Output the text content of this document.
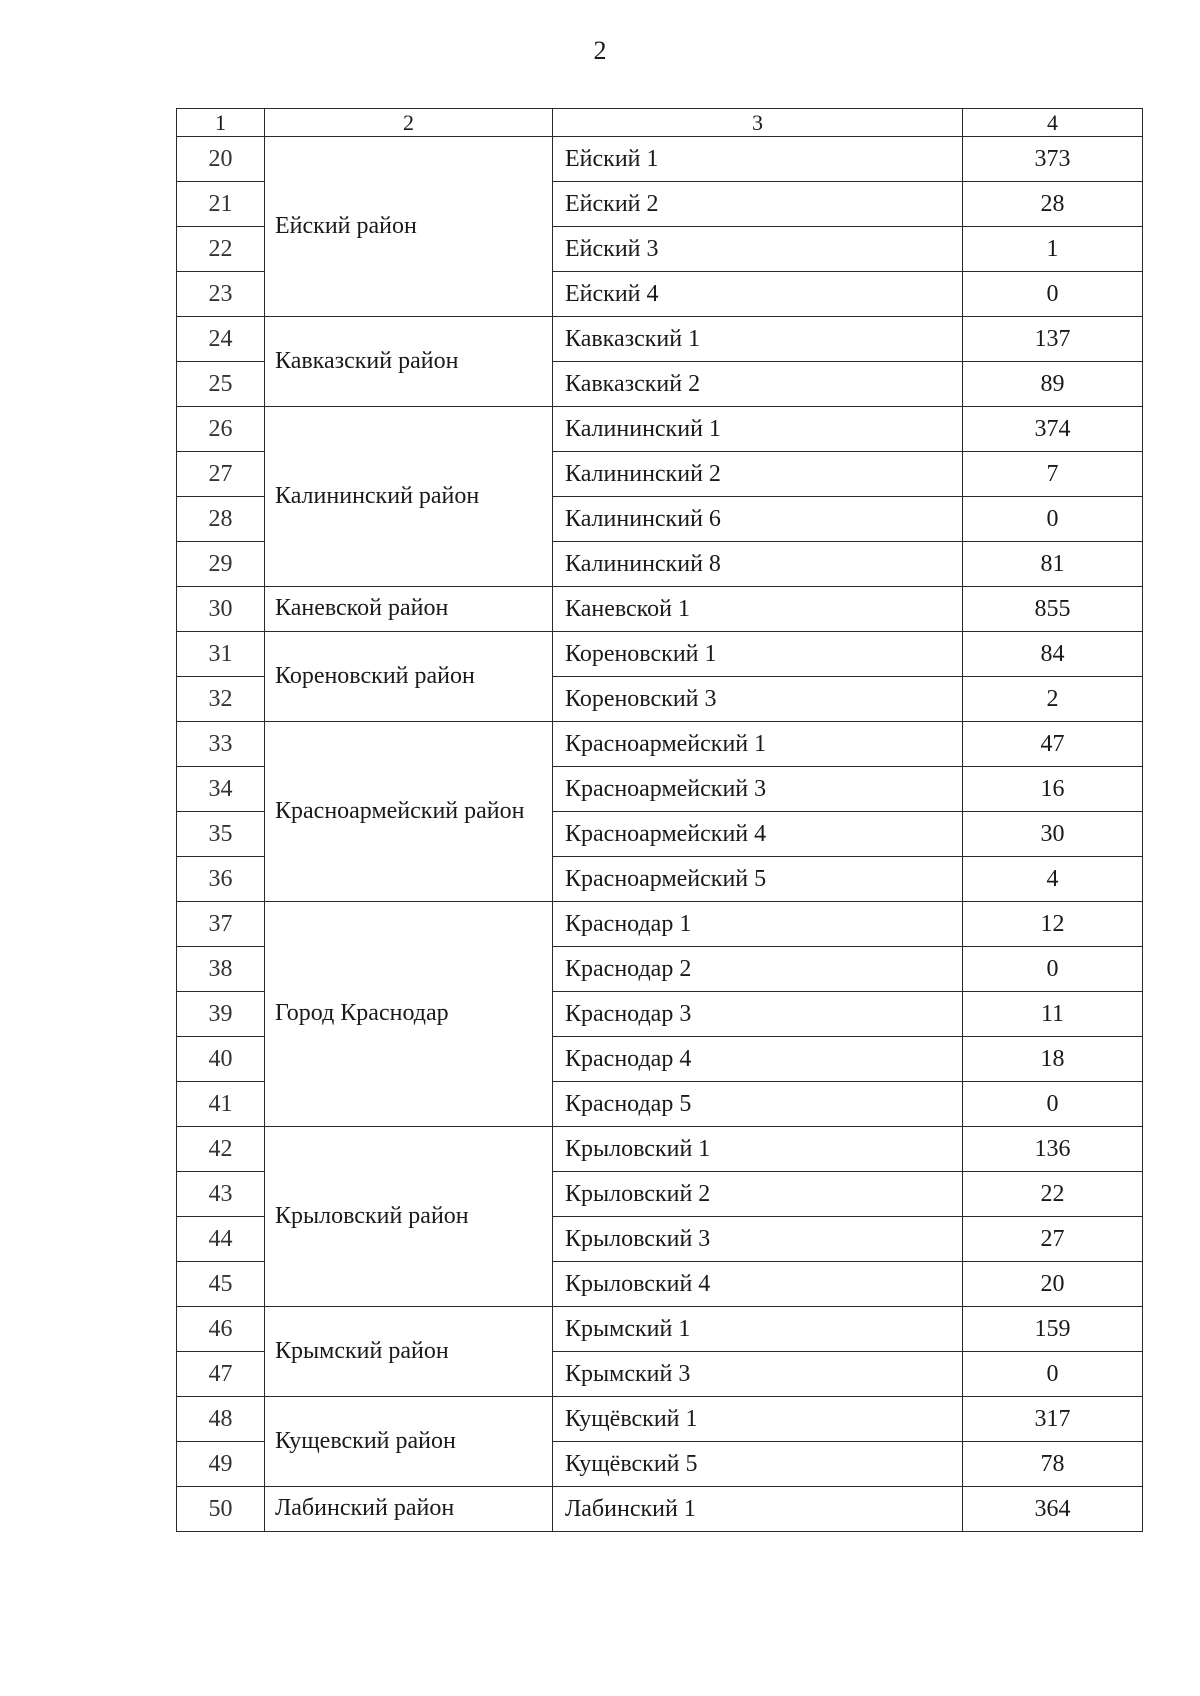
2
1	2	3	4
20	Ейский район	Ейский 1	373
21		Ейский 2	28
22		Ейский 3	1
23		Ейский 4	0
24	Кавказский район	Кавказский 1	137
25		Кавказский 2	89
26	Калининский район	Калининский 1	374
27		Калининский 2	7
28		Калининский 6	0
29		Калининский 8	81
30	Каневской район	Каневской 1	855
31	Кореновский район	Кореновский 1	84
32		Кореновский 3	2
33	Красноармейский район	Красноармейский 1	47
34		Красноармейский 3	16
35		Красноармейский 4	30
36		Красноармейский 5	4
37	Город Краснодар	Краснодар 1	12
38		Краснодар 2	0
39		Краснодар 3	11
40		Краснодар 4	18
41		Краснодар 5	0
42	Крыловский район	Крыловский 1	136
43		Крыловский 2	22
44		Крыловский 3	27
45		Крыловский 4	20
46	Крымский район	Крымский 1	159
47		Крымский 3	0
48	Кущевский район	Кущёвский 1	317
49		Кущёвский 5	78
50	Лабинский район	Лабинский 1	364
